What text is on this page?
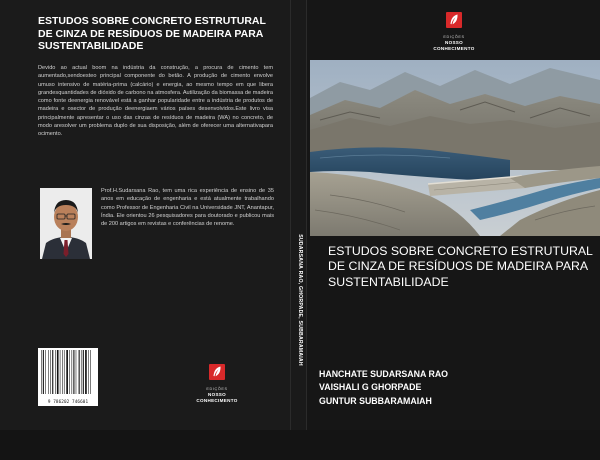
ESTUDOS SOBRE CONCRETO ESTRUTURAL DE CINZA DE RESÍDUOS DE MADEIRA PARA SUSTENTABILIDADE

Devido ao actual boom na indústria da construção, a procura de cimento tem aumentado,sendoesteo principal componente do betão. A produção de cimento envolve umuso intensivo de matéria-prima (calcário) e energia, ao mesmo tempo em que libera grandesquantidades de dióxido de carbono na atmosfera. Autilização da biomassa de madeira como fonte deenergia renovável está a ganhar popularidade entre a indústria de produtos de madeira e osector de produção deenergiaem vários países desenvolvidos.Este livro visa principalmente apresentar o uso das cinzas de resíduos de madeira (WA) no concreto, de modo aresolver um problema duplo de sua disposição, além de oferecer uma alternativapara ocimento.

Prof.H.Sudarsana Rao, tem uma rica experiência de ensino de 35 anos em educação de engenharia e está atualmente trabalhando como Professor de Engenharia Civil na Universidade JNT, Anantapur, Índia. Ele orientou 26 pesquisadores para doutorado e publicou mais de 200 artigos em revistas e conferências de renome.

9 786202 746601
EDIÇÕES
NOSSO CONHECIMENTO
SUDARSANA RAO, GHORPADE, SUBBARAMAIAH
EDIÇÕES
NOSSO CONHECIMENTO
ESTUDOS SOBRE CONCRETO ESTRUTURAL DE CINZA DE RESÍDUOS DE MADEIRA PARA SUSTENTABILIDADE
HANCHATE SUDARSANA RAO
VAISHALI G GHORPADE
GUNTUR SUBBARAMAIAH
